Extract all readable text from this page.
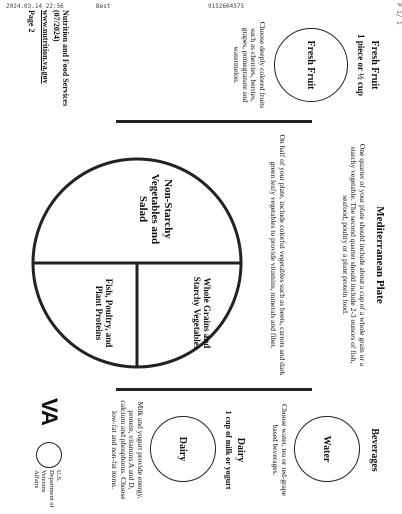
2024.03.14 22:56	Best	9152604575	P 1/ 1
Fresh Fruit
1 piece or ½ cup
Fresh Fruit
Choose deeply colored fruits such as cherries, berries, grapes, pomegranate and watermelon.
Nutrition and Food Services (07/2024)
www.nutrition.va.gov
Page 2
Mediterranean Plate
One quarter of your plate should include about a cup of a whole grain or a starchy vegetable. The second quarter should include 2-3 ounces of fish, seafood, poultry or a plant protein food.
On half of your plate, include colorful vegetables such as beets, carrots and dark green leafy vegetables to provide vitamins, minerals and fiber.
Non-Starchy Vegetables and Salad
Whole Grains and Starchy Vegetables
Fish, Poultry, and Plant Proteins
Beverages
Water
Choose water, tea or red-grape based beverages.
Dairy
1 cup of milk or yogurt
Dairy
Milk and yogurt provide energy, protein, vitamins A and D, calcium and phosphorus. Choose low-fat and non-fat items.
VA
U.S. Department of Veterans Affairs
